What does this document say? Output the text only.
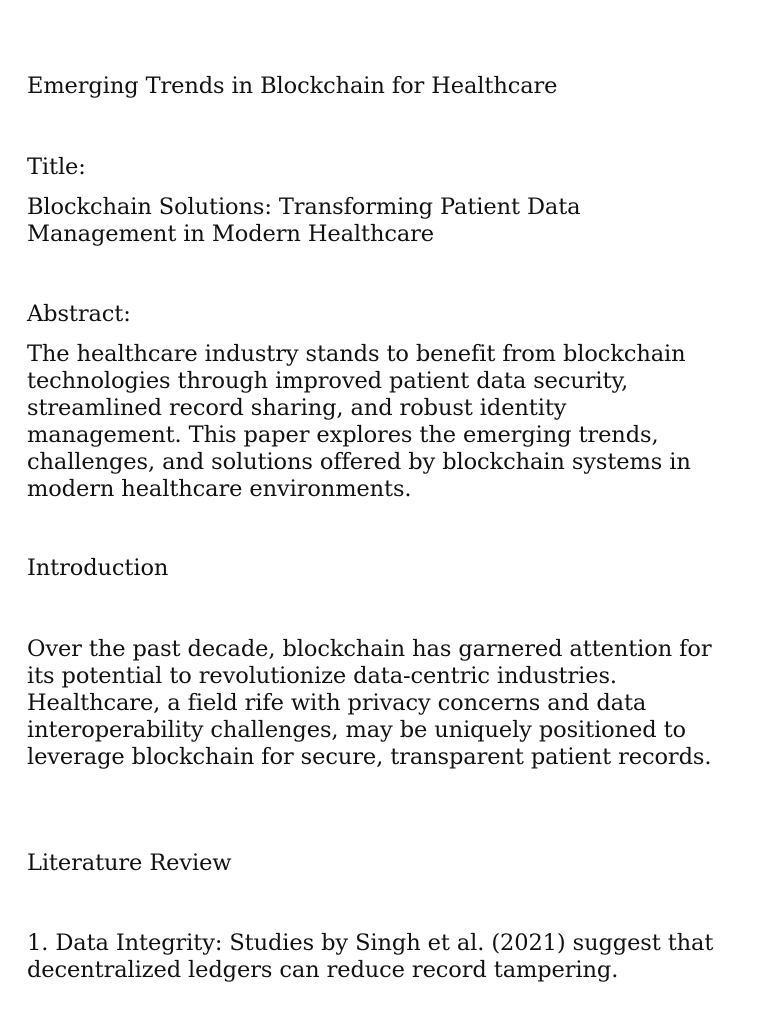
Emerging Trends in Blockchain for Healthcare
Title:
Blockchain Solutions: Transforming Patient Data Management in Modern Healthcare
Abstract:
The healthcare industry stands to benefit from blockchain technologies through improved patient data security, streamlined record sharing, and robust identity management. This paper explores the emerging trends, challenges, and solutions offered by blockchain systems in modern healthcare environments.
Introduction
Over the past decade, blockchain has garnered attention for its potential to revolutionize data-centric industries. Healthcare, a field rife with privacy concerns and data interoperability challenges, may be uniquely positioned to leverage blockchain for secure, transparent patient records.
Literature Review
1. Data Integrity: Studies by Singh et al. (2021) suggest that decentralized ledgers can reduce record tampering.
